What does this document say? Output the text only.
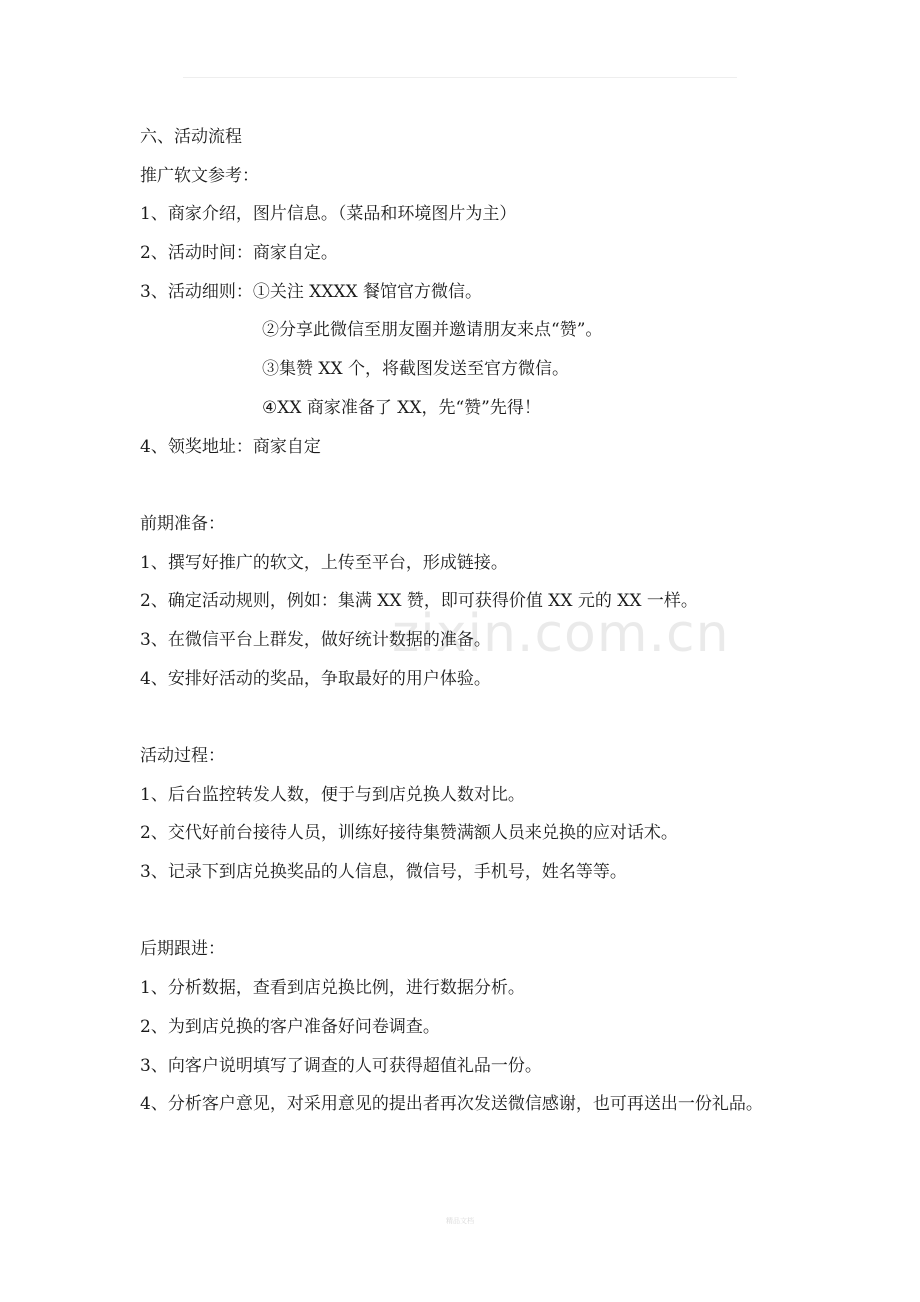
zixin.com.cn
六、活动流程
推广软文参考：
1、商家介绍，图片信息。（菜品和环境图片为主）
2、活动时间：商家自定。
3、活动细则：①关注 XXXX 餐馆官方微信。
②分享此微信至朋友圈并邀请朋友来点“赞”。
③集赞 XX 个，将截图发送至官方微信。
④XX 商家准备了 XX，先“赞”先得！
4、领奖地址：商家自定
前期准备：
1、撰写好推广的软文，上传至平台，形成链接。
2、确定活动规则，例如：集满 XX 赞，即可获得价值 XX 元的 XX 一样。
3、在微信平台上群发，做好统计数据的准备。
4、安排好活动的奖品，争取最好的用户体验。
活动过程：
1、后台监控转发人数，便于与到店兑换人数对比。
2、交代好前台接待人员，训练好接待集赞满额人员来兑换的应对话术。
3、记录下到店兑换奖品的人信息，微信号，手机号，姓名等等。
后期跟进：
1、分析数据，查看到店兑换比例，进行数据分析。
2、为到店兑换的客户准备好问卷调查。
3、向客户说明填写了调查的人可获得超值礼品一份。
4、分析客户意见，对采用意见的提出者再次发送微信感谢，也可再送出一份礼品。
精品文档
